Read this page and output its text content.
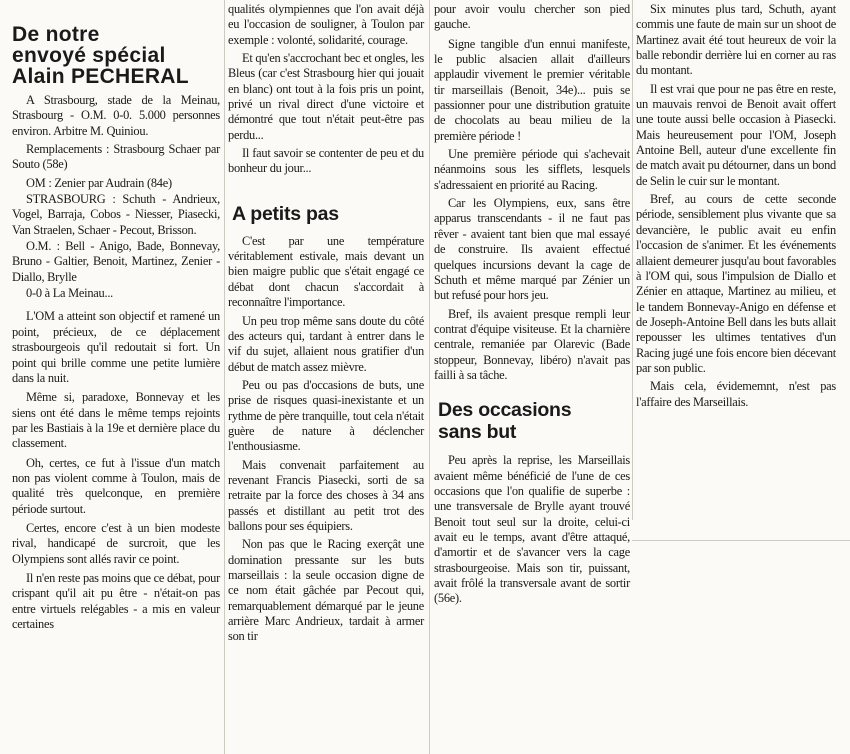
De notre
envoyé spécial
Alain PECHERAL

A Strasbourg, stade de la Meinau, Strasbourg - O.M. 0-0. 5.000 personnes environ. Arbitre M. Quiniou.

Remplacements : Strasbourg Schaer par Souto (58e)

OM : Zenier par Audrain (84e)

STRASBOURG : Schuth - Andrieux, Vogel, Barraja, Cobos - Niesser, Piasecki, Van Straelen, Schaer - Pecout, Brisson.

O.M. : Bell - Anigo, Bade, Bonnevay, Bruno - Galtier, Benoit, Martinez, Zenier - Diallo, Brylle

0-0 à La Meinau...

L'OM a atteint son objectif et ramené un point, précieux, de ce déplacement strasbourgeois qu'il redoutait si fort. Un point qui brille comme une petite lumière dans la nuit.

Même si, paradoxe, Bonnevay et les siens ont été dans le même temps rejoints par les Bastiais à la 19e et dernière place du classement.

Oh, certes, ce fut à l'issue d'un match non pas violent comme à Toulon, mais de qualité très quelconque, en première période surtout.

Certes, encore c'est à un bien modeste rival, handicapé de surcroit, que les Olympiens sont allés ravir ce point.

Il n'en reste pas moins que ce débat, pour crispant qu'il ait pu être - n'était-on pas entre virtuels relégables - a mis en valeur certaines

qualités olympiennes que l'on avait déjà eu l'occasion de souligner, à Toulon par exemple : volonté, solidarité, courage.

Et qu'en s'accrochant bec et ongles, les Bleus (car c'est Strasbourg hier qui jouait en blanc) ont tout à la fois pris un point, privé un rival direct d'une victoire et démontré que tout n'était peut-être pas perdu...

Il faut savoir se contenter de peu et du bonheur du jour...

A petits pas

C'est par une température véritablement estivale, mais devant un bien maigre public que s'était engagé ce débat dont chacun s'accordait à reconnaître l'importance.

Un peu trop même sans doute du côté des acteurs qui, tardant à entrer dans le vif du sujet, allaient nous gratifier d'un début de match assez mièvre.

Peu ou pas d'occasions de buts, une prise de risques quasi-inexistante et un rythme de père tranquille, tout cela n'était guère de nature à déclencher l'enthousiasme.

Mais convenait parfaitement au revenant Francis Piasecki, sorti de sa retraite par la force des choses à 34 ans passés et distillant au petit trot des ballons pour ses équipiers.

Non pas que le Racing exerçât une domination pressante sur les buts marseillais : la seule occasion digne de ce nom était gâchée par Pecout qui, remarquablement démarqué par le jeune arrière Marc Andrieux, tardait à armer son tir

pour avoir voulu chercher son pied gauche.

Signe tangible d'un ennui manifeste, le public alsacien allait d'ailleurs applaudir vivement le premier véritable tir marseillais (Benoit, 34e)... puis se passionner pour une distribution gratuite de chocolats au beau milieu de la première période !

Une première période qui s'achevait néanmoins sous les sifflets, lesquels s'adressaient en priorité au Racing.

Car les Olympiens, eux, sans être apparus transcendants - il ne faut pas rêver - avaient tant bien que mal essayé de construire. Ils avaient effectué quelques incursions devant la cage de Schuth et même marqué par Zénier un but refusé pour hors jeu.

Bref, ils avaient presque rempli leur contrat d'équipe visiteuse. Et la charnière centrale, remaniée par Olarevic (Bade stoppeur, Bonnevay, libéro) n'avait pas failli à sa tâche.

Des occasions sans but

Peu après la reprise, les Marseillais avaient même bénéficié de l'une de ces occasions que l'on qualifie de superbe : une transversale de Brylle ayant trouvé Benoit tout seul sur la droite, celui-ci avait eu le temps, avant d'être attaqué, d'amortir et de s'avancer vers la cage strasbourgeoise. Mais son tir, puissant, avait frôlé la transversale avant de sortir (56e).

Six minutes plus tard, Schuth, ayant commis une faute de main sur un shoot de Martinez avait été tout heureux de voir la balle rebondir derrière lui en corner au ras du montant.

Il est vrai que pour ne pas être en reste, un mauvais renvoi de Benoit avait offert une toute aussi belle occasion à Piasecki. Mais heureusement pour l'OM, Joseph Antoine Bell, auteur d'une excellente fin de match avait pu détourner, dans un bond de Selin le cuir sur le montant.

Bref, au cours de cette seconde période, sensiblement plus vivante que sa devancière, le public avait eu enfin l'occasion de s'animer. Et les événements allaient demeurer jusqu'au bout favorables à l'OM qui, sous l'impulsion de Diallo et Zénier en attaque, Martinez au milieu, et le tandem Bonnevay-Anigo en défense et de Joseph-Antoine Bell dans les buts allait repousser les ultimes tentatives d'un Racing jugé une fois encore bien décevant par son public.

Mais cela, évidememnt, n'est pas l'affaire des Marseillais.
